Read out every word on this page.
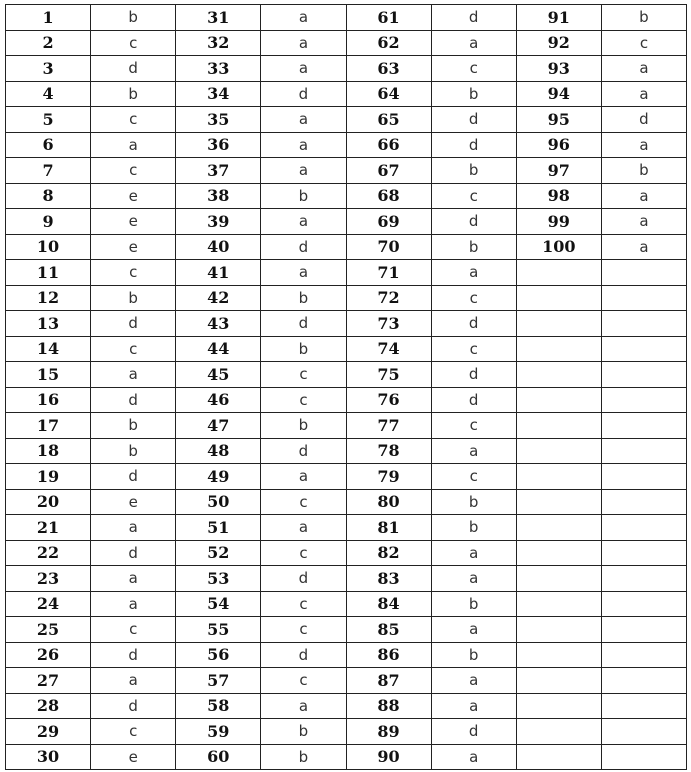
1	b	31	a	61	d	91	b
2	c	32	a	62	a	92	c
3	d	33	a	63	c	93	a
4	b	34	d	64	b	94	a
5	c	35	a	65	d	95	d
6	a	36	a	66	d	96	a
7	c	37	a	67	b	97	b
8	e	38	b	68	c	98	a
9	e	39	a	69	d	99	a
10	e	40	d	70	b	100	a
11	c	41	a	71	a		
12	b	42	b	72	c		
13	d	43	d	73	d		
14	c	44	b	74	c		
15	a	45	c	75	d		
16	d	46	c	76	d		
17	b	47	b	77	c		
18	b	48	d	78	a		
19	d	49	a	79	c		
20	e	50	c	80	b		
21	a	51	a	81	b		
22	d	52	c	82	a		
23	a	53	d	83	a		
24	a	54	c	84	b		
25	c	55	c	85	a		
26	d	56	d	86	b		
27	a	57	c	87	a		
28	d	58	a	88	a		
29	c	59	b	89	d		
30	e	60	b	90	a		
